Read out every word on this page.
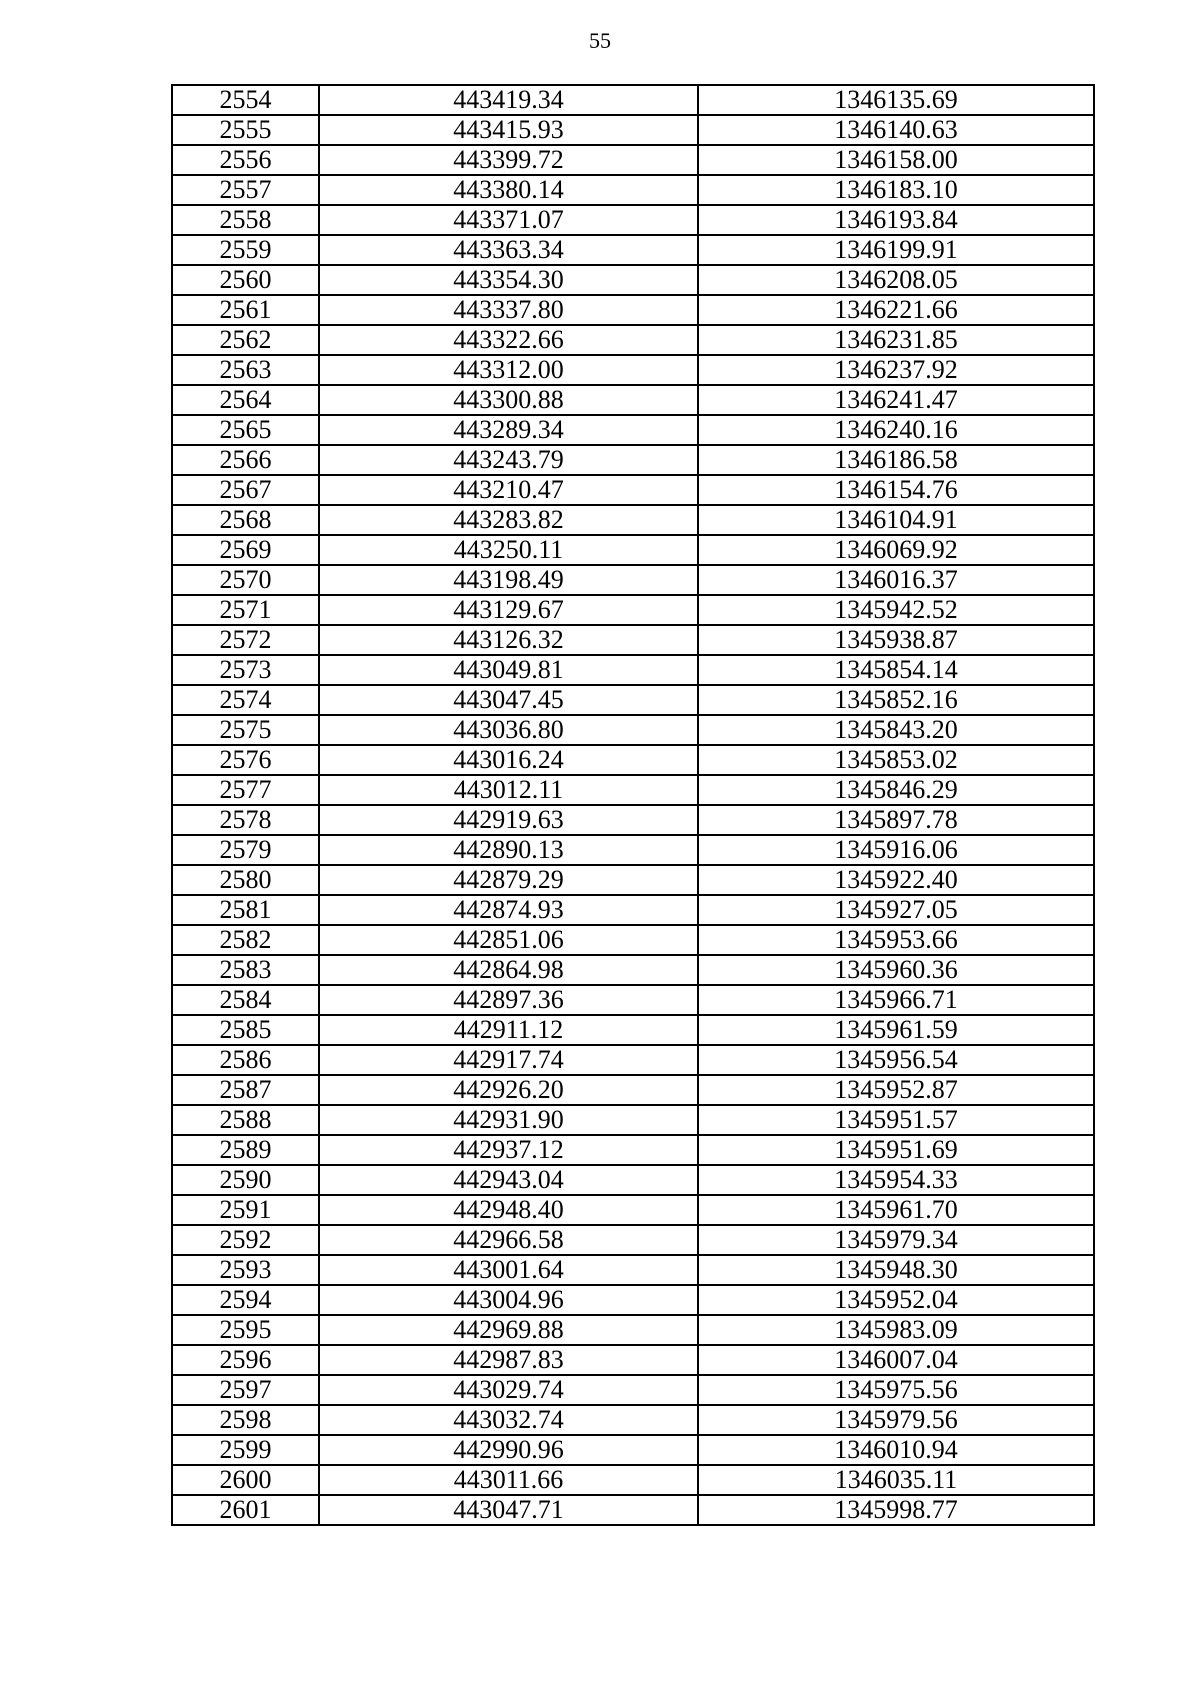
55
2554	443419.34	1346135.69
2555	443415.93	1346140.63
2556	443399.72	1346158.00
2557	443380.14	1346183.10
2558	443371.07	1346193.84
2559	443363.34	1346199.91
2560	443354.30	1346208.05
2561	443337.80	1346221.66
2562	443322.66	1346231.85
2563	443312.00	1346237.92
2564	443300.88	1346241.47
2565	443289.34	1346240.16
2566	443243.79	1346186.58
2567	443210.47	1346154.76
2568	443283.82	1346104.91
2569	443250.11	1346069.92
2570	443198.49	1346016.37
2571	443129.67	1345942.52
2572	443126.32	1345938.87
2573	443049.81	1345854.14
2574	443047.45	1345852.16
2575	443036.80	1345843.20
2576	443016.24	1345853.02
2577	443012.11	1345846.29
2578	442919.63	1345897.78
2579	442890.13	1345916.06
2580	442879.29	1345922.40
2581	442874.93	1345927.05
2582	442851.06	1345953.66
2583	442864.98	1345960.36
2584	442897.36	1345966.71
2585	442911.12	1345961.59
2586	442917.74	1345956.54
2587	442926.20	1345952.87
2588	442931.90	1345951.57
2589	442937.12	1345951.69
2590	442943.04	1345954.33
2591	442948.40	1345961.70
2592	442966.58	1345979.34
2593	443001.64	1345948.30
2594	443004.96	1345952.04
2595	442969.88	1345983.09
2596	442987.83	1346007.04
2597	443029.74	1345975.56
2598	443032.74	1345979.56
2599	442990.96	1346010.94
2600	443011.66	1346035.11
2601	443047.71	1345998.77
